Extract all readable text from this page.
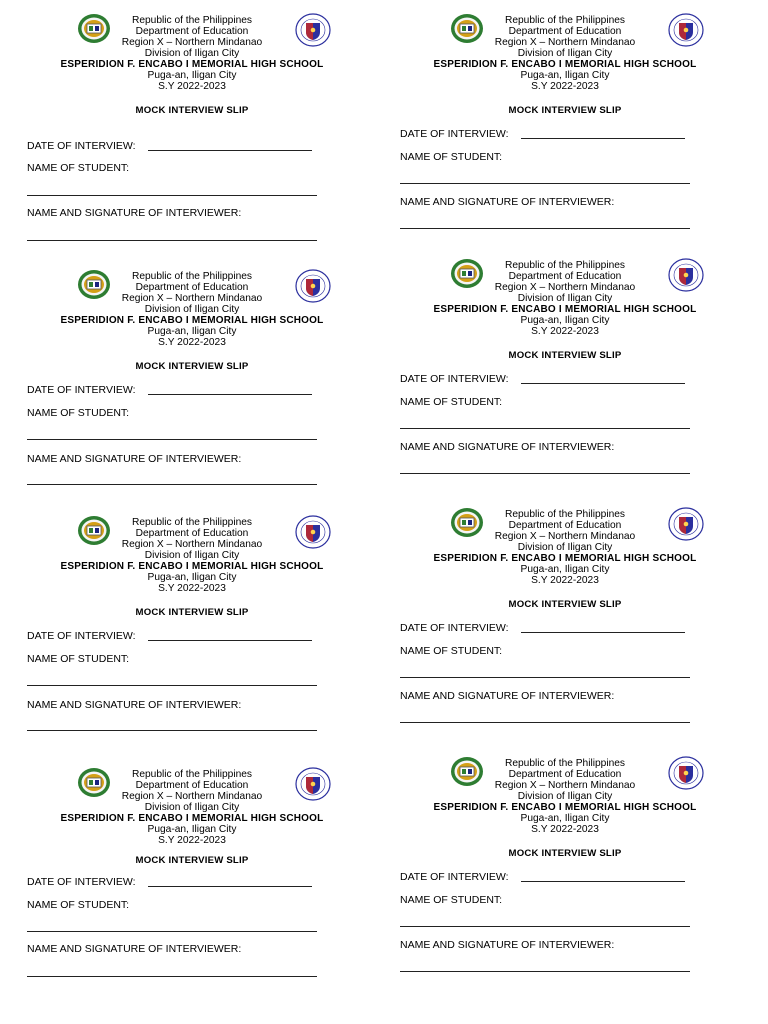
Republic of the Philippines
Department of Education
Region X – Northern Mindanao
Division of Iligan City
ESPERIDION F. ENCABO I MEMORIAL HIGH SCHOOL
Puga-an, Iligan City
S.Y 2022-2023
MOCK INTERVIEW SLIP
DATE OF INTERVIEW:
NAME OF STUDENT:
NAME AND SIGNATURE OF INTERVIEWER:
Republic of the Philippines
Department of Education
Region X – Northern Mindanao
Division of Iligan City
ESPERIDION F. ENCABO I MEMORIAL HIGH SCHOOL
Puga-an, Iligan City
S.Y 2022-2023
MOCK INTERVIEW SLIP
DATE OF INTERVIEW:
NAME OF STUDENT:
NAME AND SIGNATURE OF INTERVIEWER:
Republic of the Philippines
Department of Education
Region X – Northern Mindanao
Division of Iligan City
ESPERIDION F. ENCABO I MEMORIAL HIGH SCHOOL
Puga-an, Iligan City
S.Y 2022-2023
MOCK INTERVIEW SLIP
DATE OF INTERVIEW:
NAME OF STUDENT:
NAME AND SIGNATURE OF INTERVIEWER:
Republic of the Philippines
Department of Education
Region X – Northern Mindanao
Division of Iligan City
ESPERIDION F. ENCABO I MEMORIAL HIGH SCHOOL
Puga-an, Iligan City
S.Y 2022-2023
MOCK INTERVIEW SLIP
DATE OF INTERVIEW:
NAME OF STUDENT:
NAME AND SIGNATURE OF INTERVIEWER:
Republic of the Philippines
Department of Education
Region X – Northern Mindanao
Division of Iligan City
ESPERIDION F. ENCABO I MEMORIAL HIGH SCHOOL
Puga-an, Iligan City
S.Y 2022-2023
MOCK INTERVIEW SLIP
DATE OF INTERVIEW:
NAME OF STUDENT:
NAME AND SIGNATURE OF INTERVIEWER:
Republic of the Philippines
Department of Education
Region X – Northern Mindanao
Division of Iligan City
ESPERIDION F. ENCABO I MEMORIAL HIGH SCHOOL
Puga-an, Iligan City
S.Y 2022-2023
MOCK INTERVIEW SLIP
DATE OF INTERVIEW:
NAME OF STUDENT:
NAME AND SIGNATURE OF INTERVIEWER:
Republic of the Philippines
Department of Education
Region X – Northern Mindanao
Division of Iligan City
ESPERIDION F. ENCABO I MEMORIAL HIGH SCHOOL
Puga-an, Iligan City
S.Y 2022-2023
MOCK INTERVIEW SLIP
DATE OF INTERVIEW:
NAME OF STUDENT:
NAME AND SIGNATURE OF INTERVIEWER:
Republic of the Philippines
Department of Education
Region X – Northern Mindanao
Division of Iligan City
ESPERIDION F. ENCABO I MEMORIAL HIGH SCHOOL
Puga-an, Iligan City
S.Y 2022-2023
MOCK INTERVIEW SLIP
DATE OF INTERVIEW:
NAME OF STUDENT:
NAME AND SIGNATURE OF INTERVIEWER:
